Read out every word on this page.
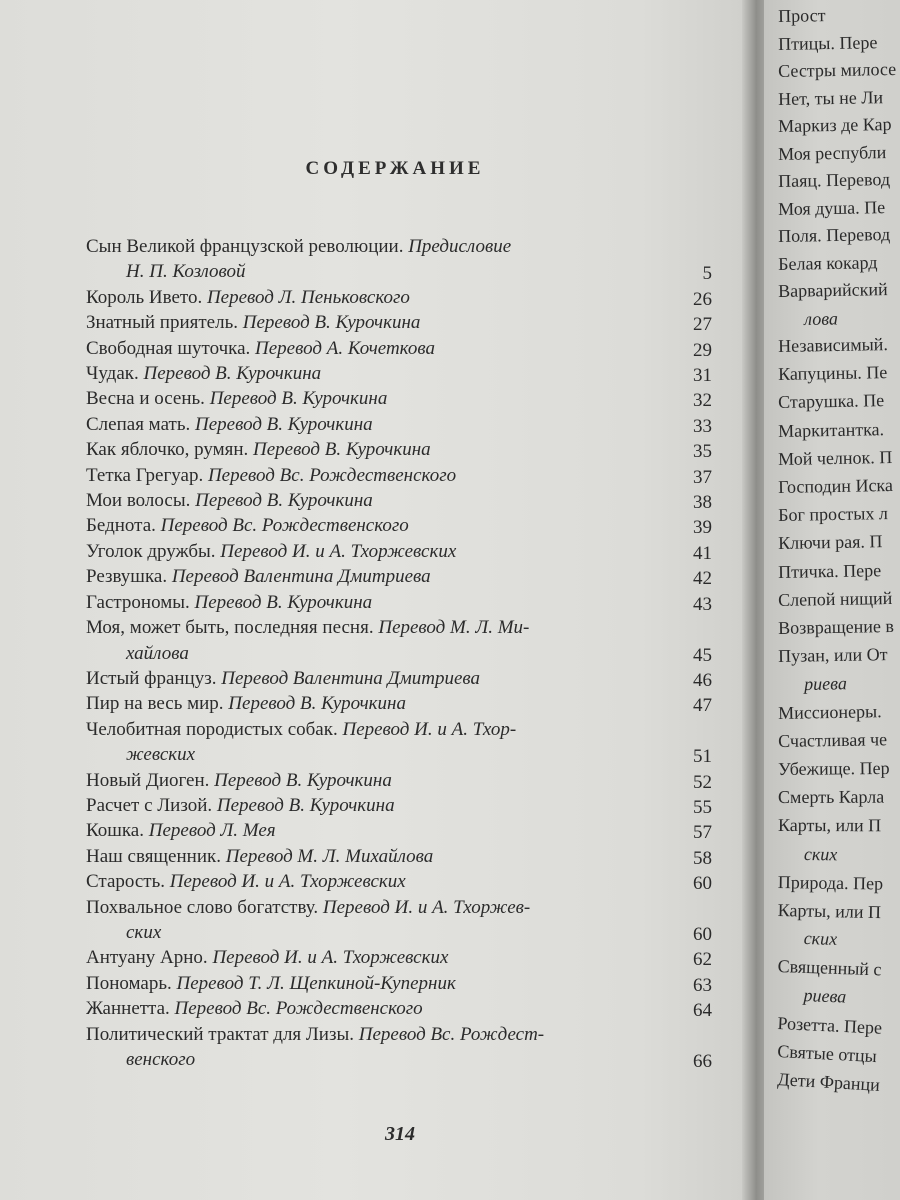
СОДЕРЖАНИЕ
Сын Великой французской революции. Предисловие
Н. П. Козловой	5
Король Ивето. Перевод Л. Пеньковского	26
Знатный приятель. Перевод В. Курочкина	27
Свободная шуточка. Перевод А. Кочеткова	29
Чудак. Перевод В. Курочкина	31
Весна и осень. Перевод В. Курочкина	32
Слепая мать. Перевод В. Курочкина	33
Как яблочко, румян. Перевод В. Курочкина	35
Тетка Грегуар. Перевод Вс. Рождественского	37
Мои волосы. Перевод В. Курочкина	38
Беднота. Перевод Вс. Рождественского	39
Уголок дружбы. Перевод И. и А. Тхоржевских	41
Резвушка. Перевод Валентина Дмитриева	42
Гастрономы. Перевод В. Курочкина	43
Моя, может быть, последняя песня. Перевод М. Л. Ми-
хайлова	45
Истый француз. Перевод Валентина Дмитриева	46
Пир на весь мир. Перевод В. Курочкина	47
Челобитная породистых собак. Перевод И. и А. Тхор-
жевских	51
Новый Диоген. Перевод В. Курочкина	52
Расчет с Лизой. Перевод В. Курочкина	55
Кошка. Перевод Л. Мея	57
Наш священник. Перевод М. Л. Михайлова	58
Старость. Перевод И. и А. Тхоржевских	60
Похвальное слово богатству. Перевод И. и А. Тхоржев-
ских	60
Антуану Арно. Перевод И. и А. Тхоржевских	62
Пономарь. Перевод Т. Л. Щепкиной-Куперник	63
Жаннетта. Перевод Вс. Рождественского	64
Политический трактат для Лизы. Перевод Вс. Рождест-
венского	66
314
Прост
Птицы. Пере
Сестры милосе
Нет, ты не Ли
Маркиз де Кар
Моя республи
Паяц. Перевод
Моя душа. Пе
Поля. Перевод
Белая кокард
Варварийский
лова
Независимый.
Капуцины. Пе
Старушка. Пе
Маркитантка.
Мой челнок. П
Господин Иска
Бог простых л
Ключи рая. П
Птичка. Пере
Слепой нищий
Возвращение в
Пузан, или От
риева
Миссионеры.
Счастливая че
Убежище. Пер
Смерть Карла
Карты, или П
ских
Природа. Пер
Карты, или П
ских
Священный с
риева
Розетта. Пере
Святые отцы
Дети Франци
